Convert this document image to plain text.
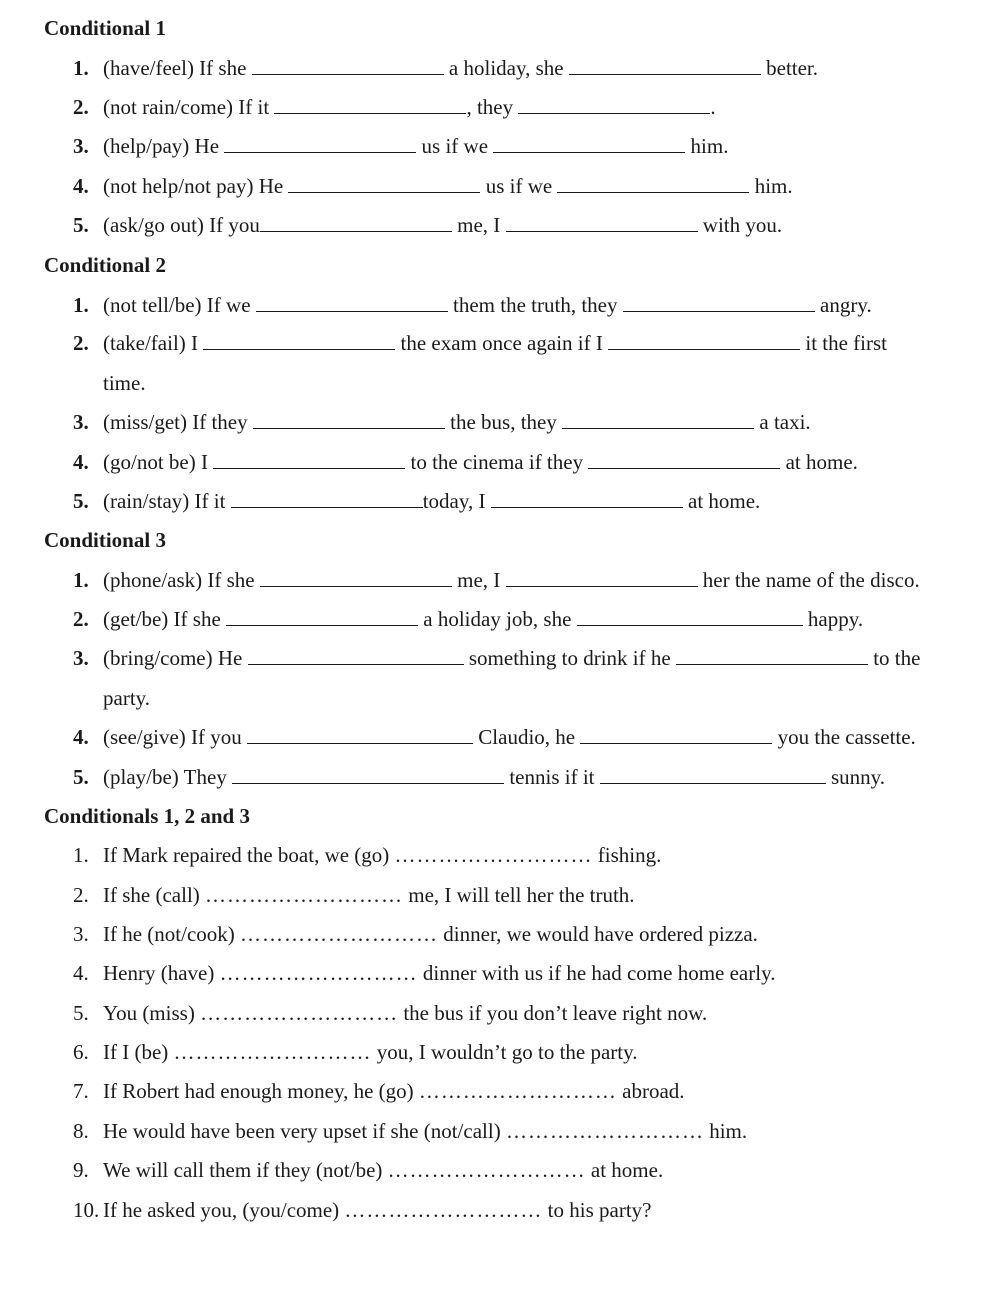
Conditional 1
1. (have/feel) If she	a holiday, she	better.
2. (not rain/come) If it	, they	.
3. (help/pay) He	us if we	him.
4. (not help/not pay) He	us if we	him.
5. (ask/go out) If you	me, I	with you.
Conditional 2
1. (not tell/be) If we	them the truth, they	angry.
2. (take/fail) I	the exam once again if I	it the first
time.
3. (miss/get) If they	the bus, they	a taxi.
4. (go/not be) I	to the cinema if they	at home.
5. (rain/stay) If it	today, I	at home.
Conditional 3
1. (phone/ask) If she	me, I	her the name of the disco.
2. (get/be) If she	a holiday job, she	happy.
3. (bring/come) He	something to drink if he	to the
party.
4. (see/give) If you	Claudio, he	you the cassette.
5. (play/be) They	tennis if it	sunny.
Conditionals 1, 2 and 3
1. If Mark repaired the boat, we (go) ……………………… fishing.
2. If she (call) ……………………… me, I will tell her the truth.
3. If he (not/cook) ……………………… dinner, we would have ordered pizza.
4. Henry (have) ……………………… dinner with us if he had come home early.
5. You (miss) ……………………… the bus if you don’t leave right now.
6. If I (be) ……………………… you, I wouldn’t go to the party.
7. If Robert had enough money, he (go) ……………………… abroad.
8. He would have been very upset if she (not/call) ……………………… him.
9. We will call them if they (not/be) ……………………… at home.
10. If he asked you, (you/come) ……………………… to his party?
